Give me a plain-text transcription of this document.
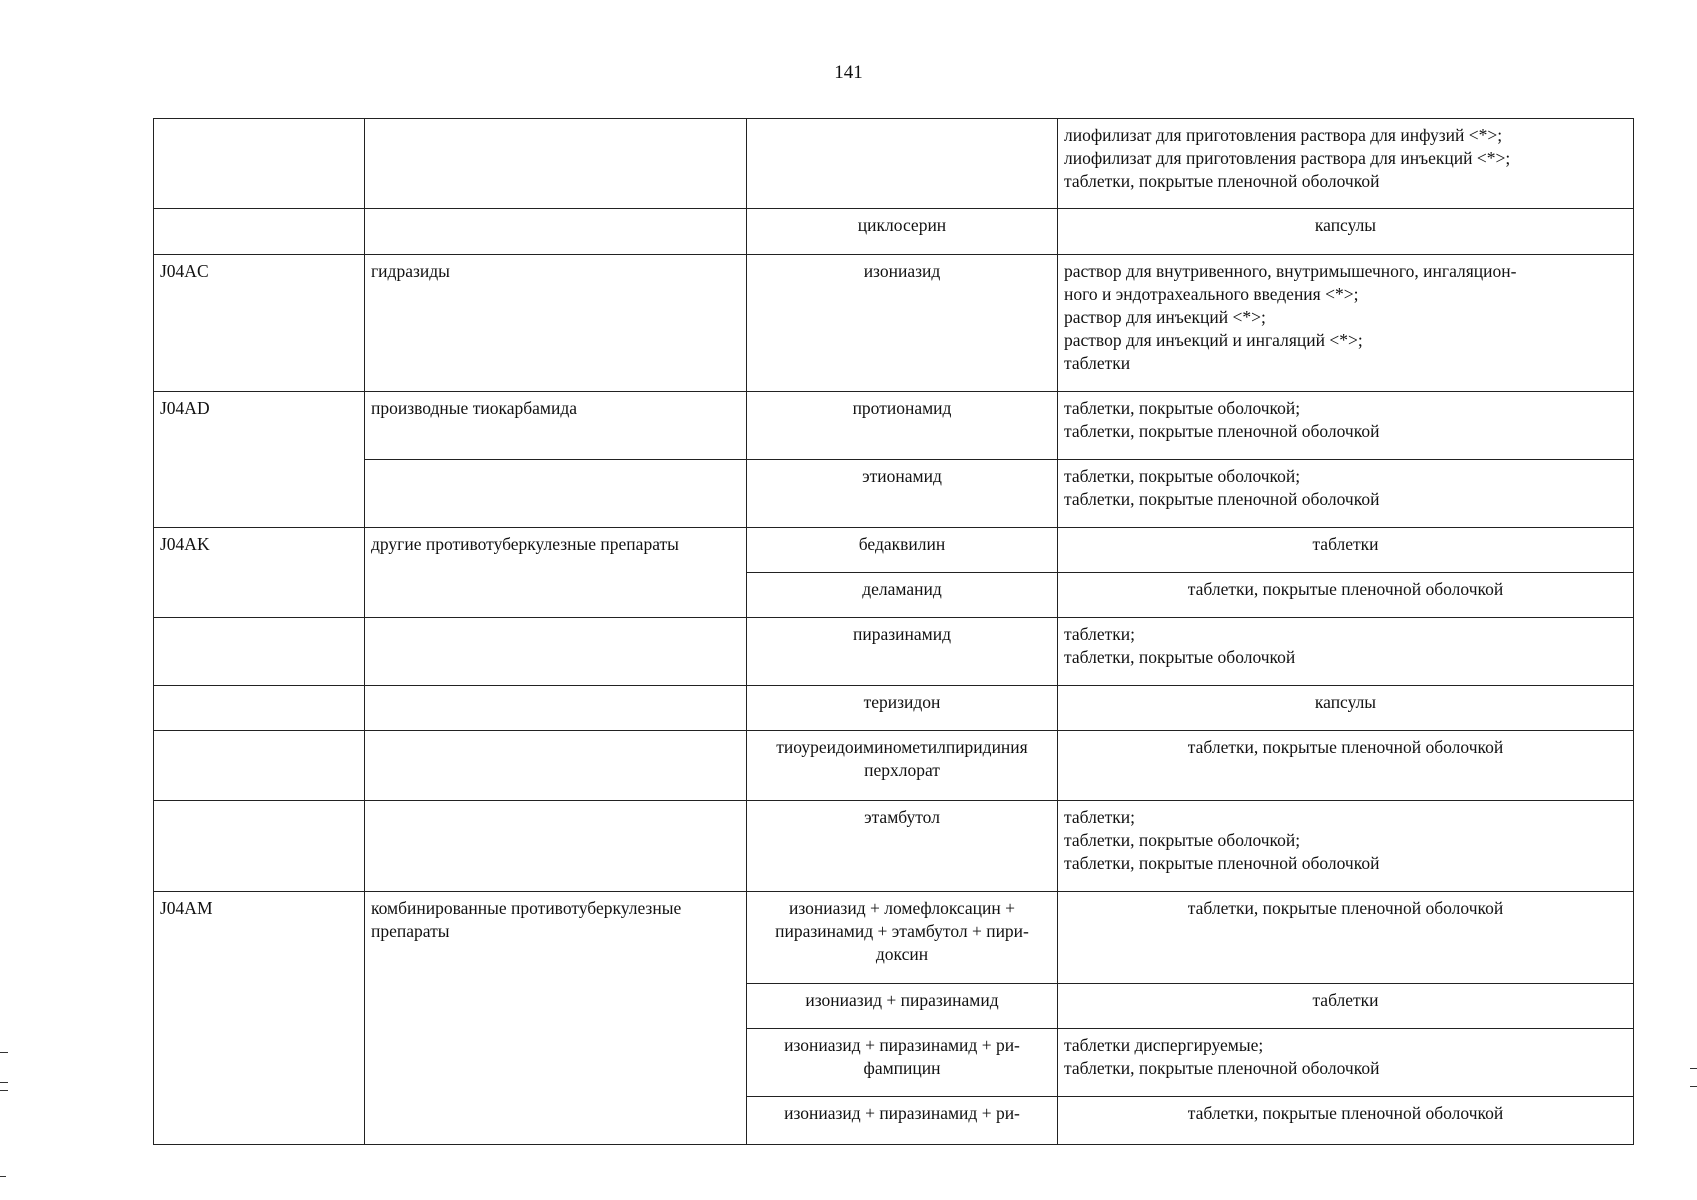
141

			лиофилизат для приготовления раствора для инфузий <*>;
лиофилизат для приготовления раствора для инъекций <*>;
таблетки, покрытые пленочной оболочкой

		циклосерин	капсулы

J04AC	гидразиды	изониазид	раствор для внутривенного, внутримышечного, ингаляцион-
ного и эндотрахеального введения <*>;
раствор для инъекций <*>;
раствор для инъекций и ингаляций <*>;
таблетки

J04AD	производные тиокарбамида	протионамид	таблетки, покрытые оболочкой;
таблетки, покрытые пленочной оболочкой

		этионамид	таблетки, покрытые оболочкой;
таблетки, покрытые пленочной оболочкой

J04AK	другие противотуберкулезные препараты	бедаквилин	таблетки

		деламанид	таблетки, покрытые пленочной оболочкой

		пиразинамид	таблетки;
таблетки, покрытые оболочкой

		теризидон	капсулы

		тиоуреидоиминометилпиридиния перхлорат	таблетки, покрытые пленочной оболочкой

		этамбутол	таблетки;
таблетки, покрытые оболочкой;
таблетки, покрытые пленочной оболочкой

J04AM	комбинированные противотуберкулезные препараты	изониазид + ломефлоксацин + пиразинамид + этамбутол + пири-доксин	таблетки, покрытые пленочной оболочкой

		изониазид + пиразинамид	таблетки

		изониазид + пиразинамид + ри-фампицин	таблетки диспергируемые;
таблетки, покрытые пленочной оболочкой

		изониазид + пиразинамид + ри-	таблетки, покрытые пленочной оболочкой
